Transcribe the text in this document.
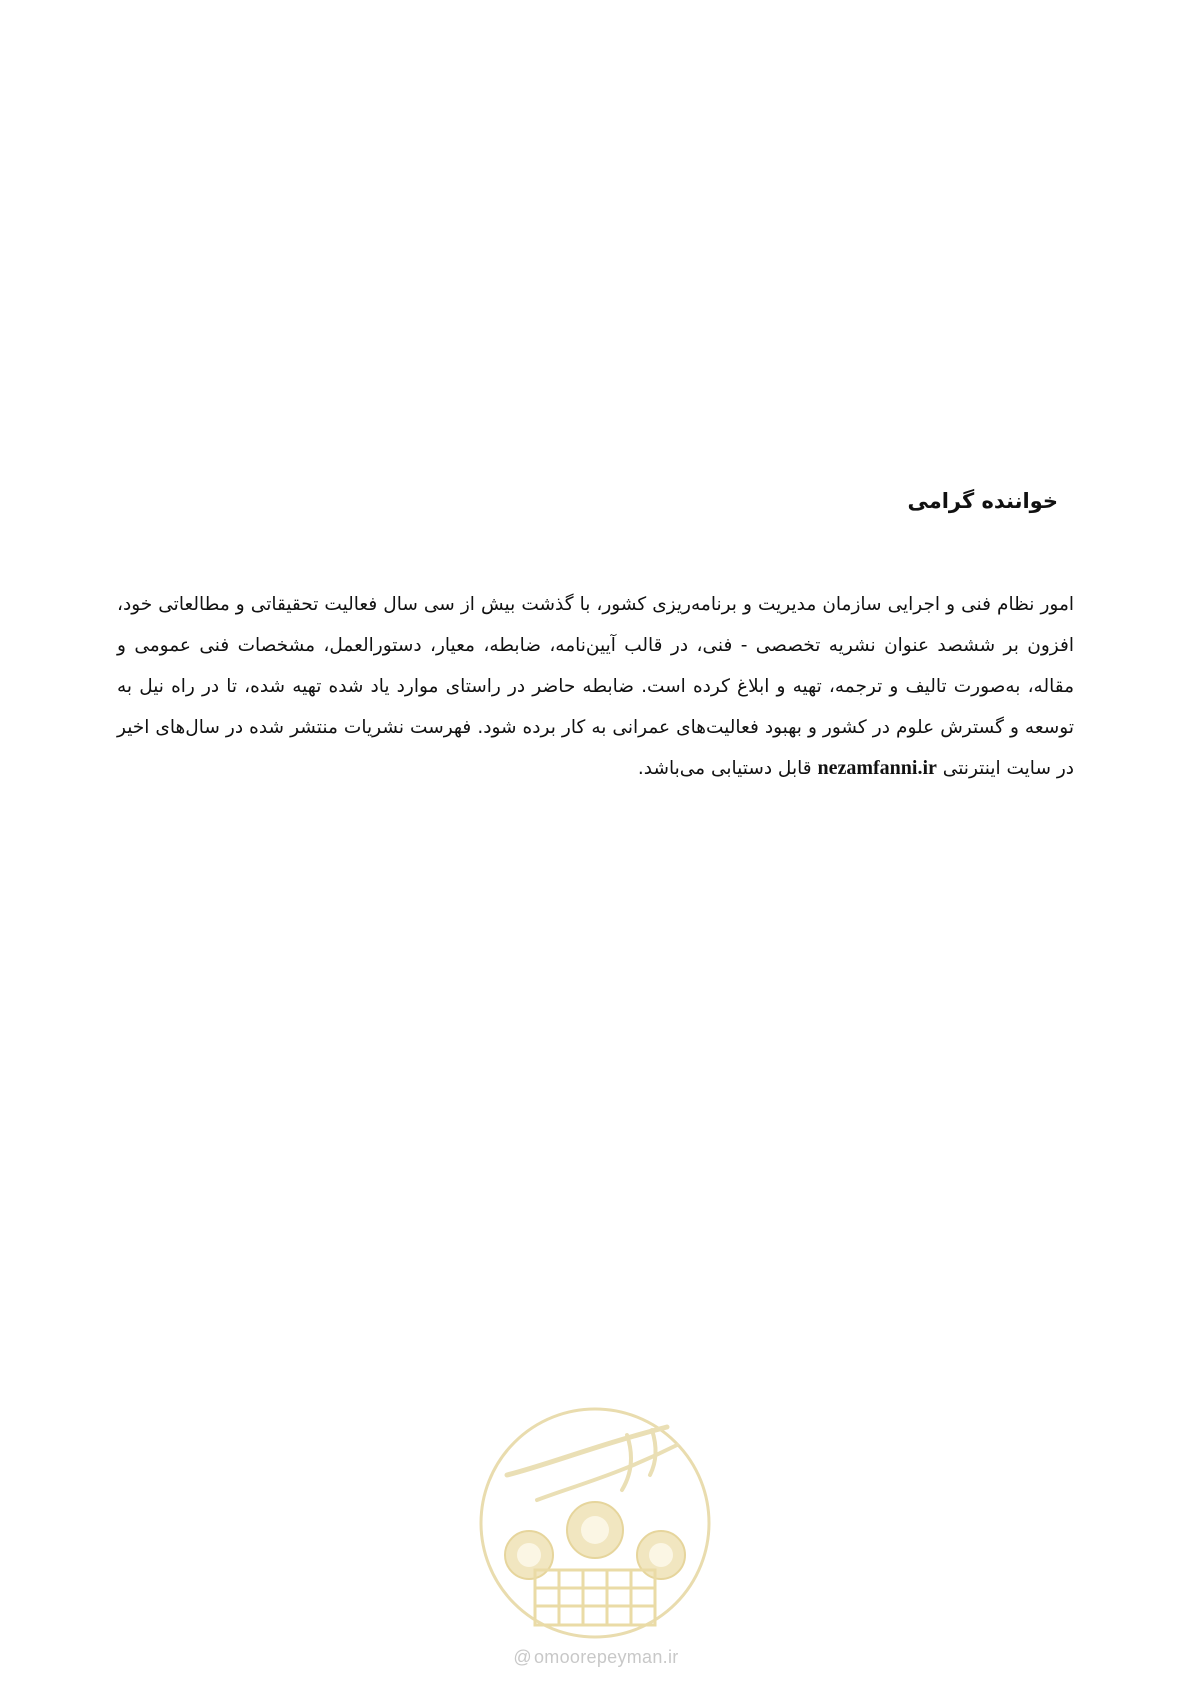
خواننده گرامی

امور نظام فنی و اجرایی سازمان مدیریت و برنامه‌ریزی کشور، با گذشت بیش از سی سال فعالیت تحقیقاتی و مطالعاتی خود، افزون بر ششصد عنوان نشریه تخصصی - فنی، در قالب آیین‌نامه، ضابطه، معیار، دستورالعمل، مشخصات فنی عمومی و مقاله، به‌صورت تالیف و ترجمه، تهیه و ابلاغ کرده است. ضابطه حاضر در راستای موارد یاد شده تهیه شده، تا در راه نیل به توسعه و گسترش علوم در کشور و بهبود فعالیت‌های عمرانی به کار برده شود. فهرست نشریات منتشر شده در سال‌های اخیر در سایت اینترنتی nezamfanni.ir قابل دستیابی می‌باشد.

@ omoorepeyman.ir
